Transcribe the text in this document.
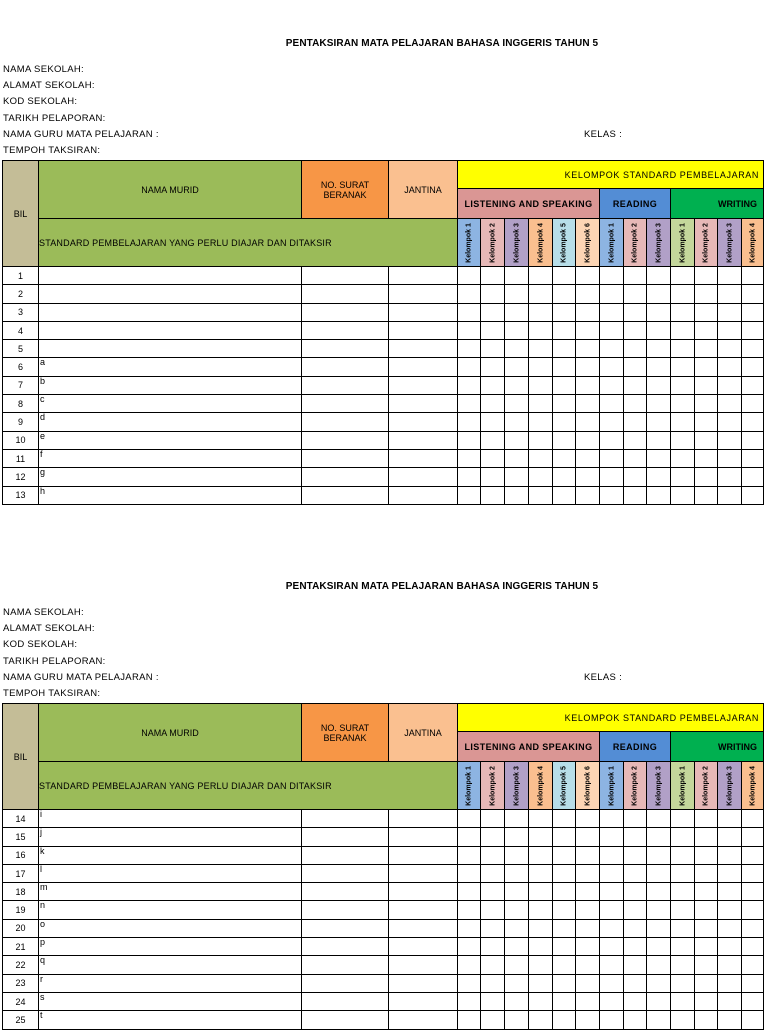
PENTAKSIRAN MATA PELAJARAN BAHASA INGGERIS TAHUN 5
NAMA SEKOLAH:
ALAMAT SEKOLAH:
KOD SEKOLAH:
TARIKH PELAPORAN:
NAMA GURU MATA PELAJARAN :
TEMPOH TAKSIRAN:
KELAS :
BIL	NAMA MURID	NO. SURAT BERANAK	JANTINA	KELOMPOK STANDARD PEMBELAJARAN												
				LISTENING AND SPEAKING						READING			WRITING			
	STANDARD PEMBELAJARAN YANG PERLU DIAJAR DAN DITAKSIR			Kelompok 1	Kelompok 2	Kelompok 3	Kelompok 4	Kelompok 5	Kelompok 6	Kelompok 1	Kelompok 2	Kelompok 3	Kelompok 1	Kelompok 2	Kelompok 3	Kelompok 4

1																
2																
3																
4																
5																
6	a															
7	b															
8	c															
9	d															
10	e															
11	f															
12	g															
13	h															
PENTAKSIRAN MATA PELAJARAN BAHASA INGGERIS TAHUN 5
NAMA SEKOLAH:
ALAMAT SEKOLAH:
KOD SEKOLAH:
TARIKH PELAPORAN:
NAMA GURU MATA PELAJARAN :
TEMPOH TAKSIRAN:
KELAS :
BIL	NAMA MURID	NO. SURAT BERANAK	JANTINA	KELOMPOK STANDARD PEMBELAJARAN												
				LISTENING AND SPEAKING						READING			WRITING			
	STANDARD PEMBELAJARAN YANG PERLU DIAJAR DAN DITAKSIR			Kelompok 1	Kelompok 2	Kelompok 3	Kelompok 4	Kelompok 5	Kelompok 6	Kelompok 1	Kelompok 2	Kelompok 3	Kelompok 1	Kelompok 2	Kelompok 3	Kelompok 4

14	i															
15	j															
16	k															
17	l															
18	m															
19	n															
20	o															
21	p															
22	q															
23	r															
24	s															
25	t															
